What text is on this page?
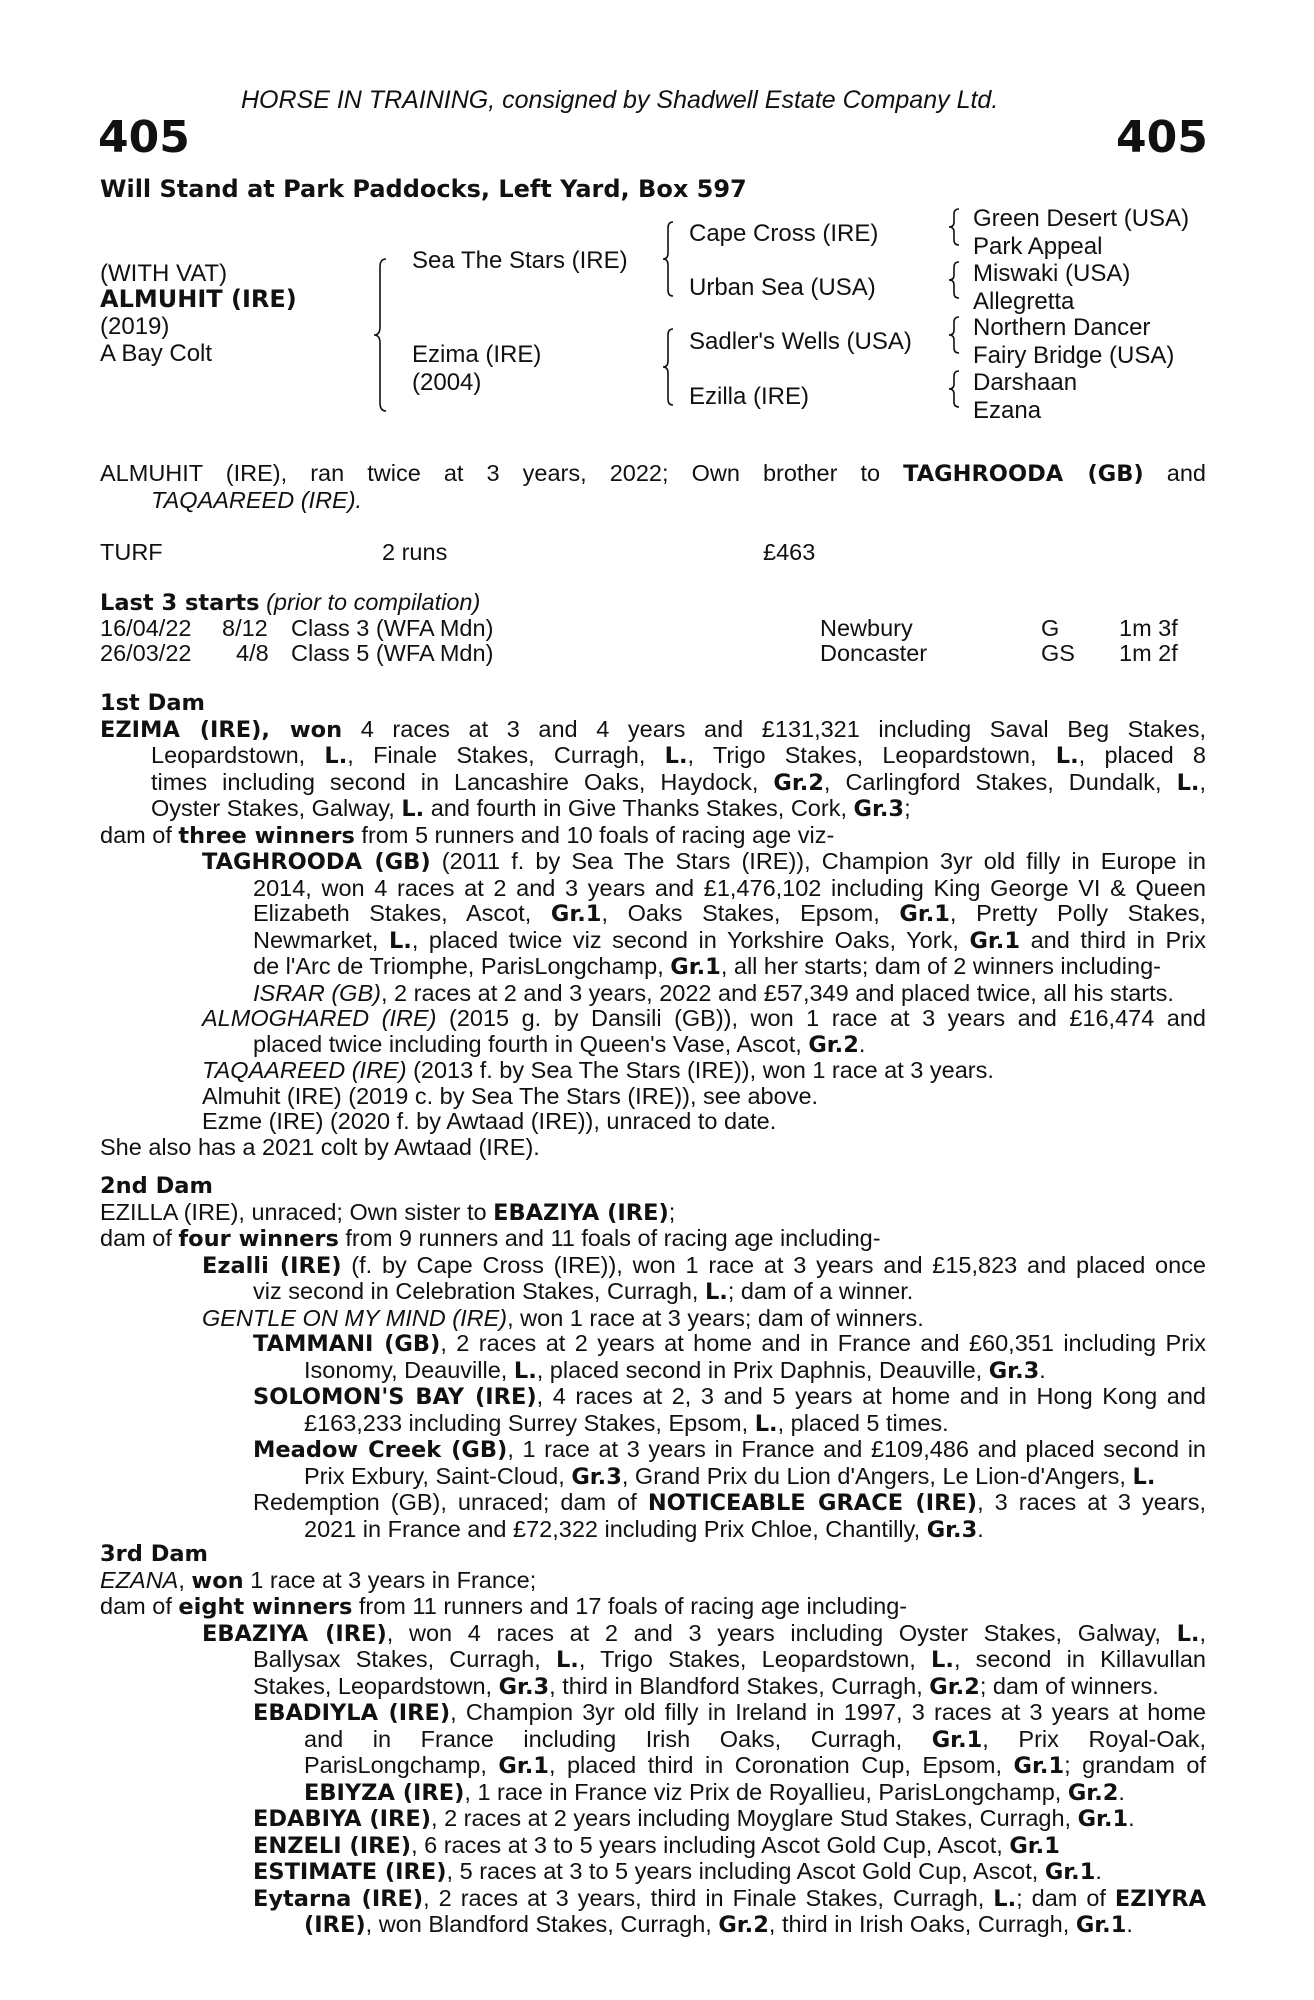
HORSE IN TRAINING, consigned by Shadwell Estate Company Ltd.
405	405
Will Stand at Park Paddocks, Left Yard, Box 597
(WITH VAT)
ALMUHIT (IRE)
(2019)
A Bay Colt
Sea The Stars (IRE)
Ezima (IRE)
(2004)
Cape Cross (IRE)
Urban Sea (USA)
Sadler's Wells (USA)
Ezilla (IRE)
Green Desert (USA)
Park Appeal
Miswaki (USA)
Allegretta
Northern Dancer
Fairy Bridge (USA)
Darshaan
Ezana
ALMUHIT (IRE), ran twice at 3 years, 2022; Own brother to TAGHROODA (GB) and
TAQAAREED (IRE).
TURF	2 runs	£463
Last 3 starts (prior to compilation)
16/04/22 8/12 Class 3 (WFA Mdn)	Newbury	G	1m 3f
26/03/22 4/8 Class 5 (WFA Mdn)	Doncaster	GS 1m 2f
1st Dam
EZIMA (IRE), won 4 races at 3 and 4 years and £131,321 including Saval Beg Stakes,
Leopardstown, L., Finale Stakes, Curragh, L., Trigo Stakes, Leopardstown, L., placed 8
times including second in Lancashire Oaks, Haydock, Gr.2, Carlingford Stakes, Dundalk, L.,
Oyster Stakes, Galway, L. and fourth in Give Thanks Stakes, Cork, Gr.3;
dam of three winners from 5 runners and 10 foals of racing age viz-
TAGHROODA (GB) (2011 f. by Sea The Stars (IRE)), Champion 3yr old filly in Europe in
2014, won 4 races at 2 and 3 years and £1,476,102 including King George VI & Queen
Elizabeth Stakes, Ascot, Gr.1, Oaks Stakes, Epsom, Gr.1, Pretty Polly Stakes,
Newmarket, L., placed twice viz second in Yorkshire Oaks, York, Gr.1 and third in Prix
de l'Arc de Triomphe, ParisLongchamp, Gr.1, all her starts; dam of 2 winners including-
ISRAR (GB), 2 races at 2 and 3 years, 2022 and £57,349 and placed twice, all his starts.
ALMOGHARED (IRE) (2015 g. by Dansili (GB)), won 1 race at 3 years and £16,474 and
placed twice including fourth in Queen's Vase, Ascot, Gr.2.
TAQAAREED (IRE) (2013 f. by Sea The Stars (IRE)), won 1 race at 3 years.
Almuhit (IRE) (2019 c. by Sea The Stars (IRE)), see above.
Ezme (IRE) (2020 f. by Awtaad (IRE)), unraced to date.
She also has a 2021 colt by Awtaad (IRE).
2nd Dam
EZILLA (IRE), unraced; Own sister to EBAZIYA (IRE);
dam of four winners from 9 runners and 11 foals of racing age including-
Ezalli (IRE) (f. by Cape Cross (IRE)), won 1 race at 3 years and £15,823 and placed once
viz second in Celebration Stakes, Curragh, L.; dam of a winner.
GENTLE ON MY MIND (IRE), won 1 race at 3 years; dam of winners.
TAMMANI (GB), 2 races at 2 years at home and in France and £60,351 including Prix
Isonomy, Deauville, L., placed second in Prix Daphnis, Deauville, Gr.3.
SOLOMON'S BAY (IRE), 4 races at 2, 3 and 5 years at home and in Hong Kong and
£163,233 including Surrey Stakes, Epsom, L., placed 5 times.
Meadow Creek (GB), 1 race at 3 years in France and £109,486 and placed second in
Prix Exbury, Saint-Cloud, Gr.3, Grand Prix du Lion d'Angers, Le Lion-d'Angers, L.
Redemption (GB), unraced; dam of NOTICEABLE GRACE (IRE), 3 races at 3 years,
2021 in France and £72,322 including Prix Chloe, Chantilly, Gr.3.
3rd Dam
EZANA, won 1 race at 3 years in France;
dam of eight winners from 11 runners and 17 foals of racing age including-
EBAZIYA (IRE), won 4 races at 2 and 3 years including Oyster Stakes, Galway, L.,
Ballysax Stakes, Curragh, L., Trigo Stakes, Leopardstown, L., second in Killavullan
Stakes, Leopardstown, Gr.3, third in Blandford Stakes, Curragh, Gr.2; dam of winners.
EBADIYLA (IRE), Champion 3yr old filly in Ireland in 1997, 3 races at 3 years at home
and in France including Irish Oaks, Curragh, Gr.1, Prix Royal-Oak,
ParisLongchamp, Gr.1, placed third in Coronation Cup, Epsom, Gr.1; grandam of
EBIYZA (IRE), 1 race in France viz Prix de Royallieu, ParisLongchamp, Gr.2.
EDABIYA (IRE), 2 races at 2 years including Moyglare Stud Stakes, Curragh, Gr.1.
ENZELI (IRE), 6 races at 3 to 5 years including Ascot Gold Cup, Ascot, Gr.1
ESTIMATE (IRE), 5 races at 3 to 5 years including Ascot Gold Cup, Ascot, Gr.1.
Eytarna (IRE), 2 races at 3 years, third in Finale Stakes, Curragh, L.; dam of EZIYRA
(IRE), won Blandford Stakes, Curragh, Gr.2, third in Irish Oaks, Curragh, Gr.1.
